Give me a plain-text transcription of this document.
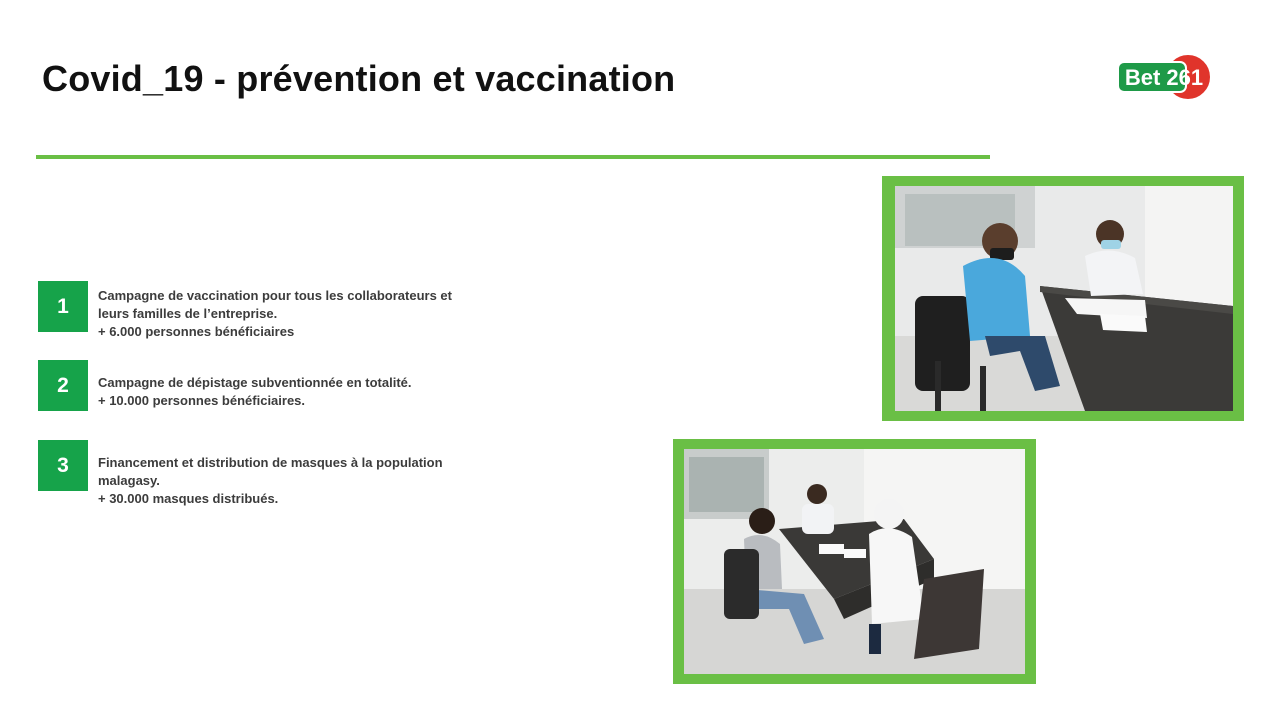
Covid_19 - prévention et vaccination	Bet 261
1	Campagne de vaccination pour tous les collaborateurs et
leurs familles de l’entreprise.
+ 6.000 personnes bénéficiaires
2	Campagne de dépistage subventionnée en totalité.
+ 10.000 personnes bénéficiaires.
3	Financement et distribution de masques à la population
malagasy.
+ 30.000 masques distribués.
